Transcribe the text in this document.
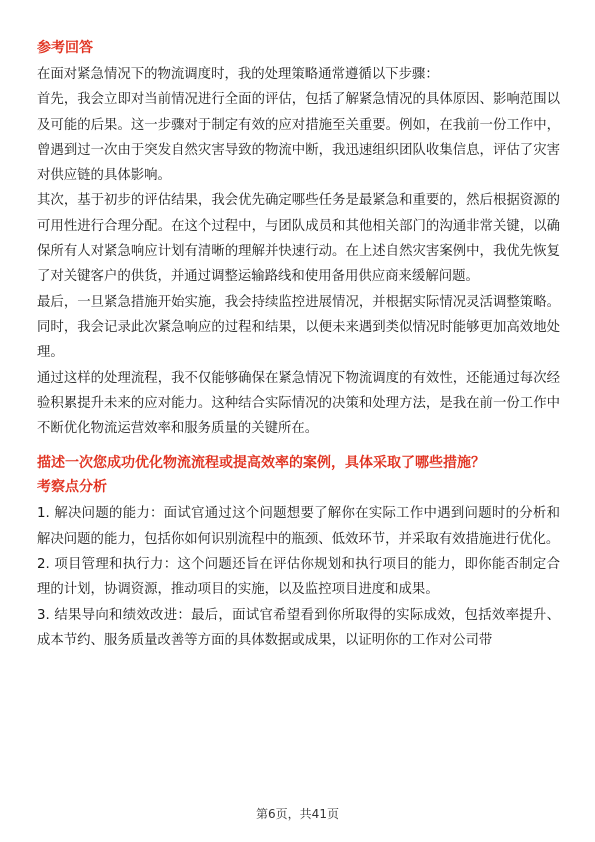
参考回答

在面对紧急情况下的物流调度时，我的处理策略通常遵循以下步骤：

首先，我会立即对当前情况进行全面的评估，包括了解紧急情况的具体原因、影响范围以及可能的后果。这一步骤对于制定有效的应对措施至关重要。例如，在我前一份工作中，曾遇到过一次由于突发自然灾害导致的物流中断，我迅速组织团队收集信息，评估了灾害对供应链的具体影响。

其次，基于初步的评估结果，我会优先确定哪些任务是最紧急和重要的，然后根据资源的可用性进行合理分配。在这个过程中，与团队成员和其他相关部门的沟通非常关键，以确保所有人对紧急响应计划有清晰的理解并快速行动。在上述自然灾害案例中，我优先恢复了对关键客户的供货，并通过调整运输路线和使用备用供应商来缓解问题。

最后，一旦紧急措施开始实施，我会持续监控进展情况，并根据实际情况灵活调整策略。同时，我会记录此次紧急响应的过程和结果，以便未来遇到类似情况时能够更加高效地处理。

通过这样的处理流程，我不仅能够确保在紧急情况下物流调度的有效性，还能通过每次经验积累提升未来的应对能力。这种结合实际情况的决策和处理方法，是我在前一份工作中不断优化物流运营效率和服务质量的关键所在。

描述一次您成功优化物流流程或提高效率的案例，具体采取了哪些措施？

考察点分析

1. 解决问题的能力：面试官通过这个问题想要了解你在实际工作中遇到问题时的分析和解决问题的能力，包括你如何识别流程中的瓶颈、低效环节，并采取有效措施进行优化。

2. 项目管理和执行力：这个问题还旨在评估你规划和执行项目的能力，即你能否制定合理的计划，协调资源，推动项目的实施，以及监控项目进度和成果。

3. 结果导向和绩效改进：最后，面试官希望看到你所取得的实际成效，包括效率提升、成本节约、服务质量改善等方面的具体数据或成果，以证明你的工作对公司带

第6页，共41页
